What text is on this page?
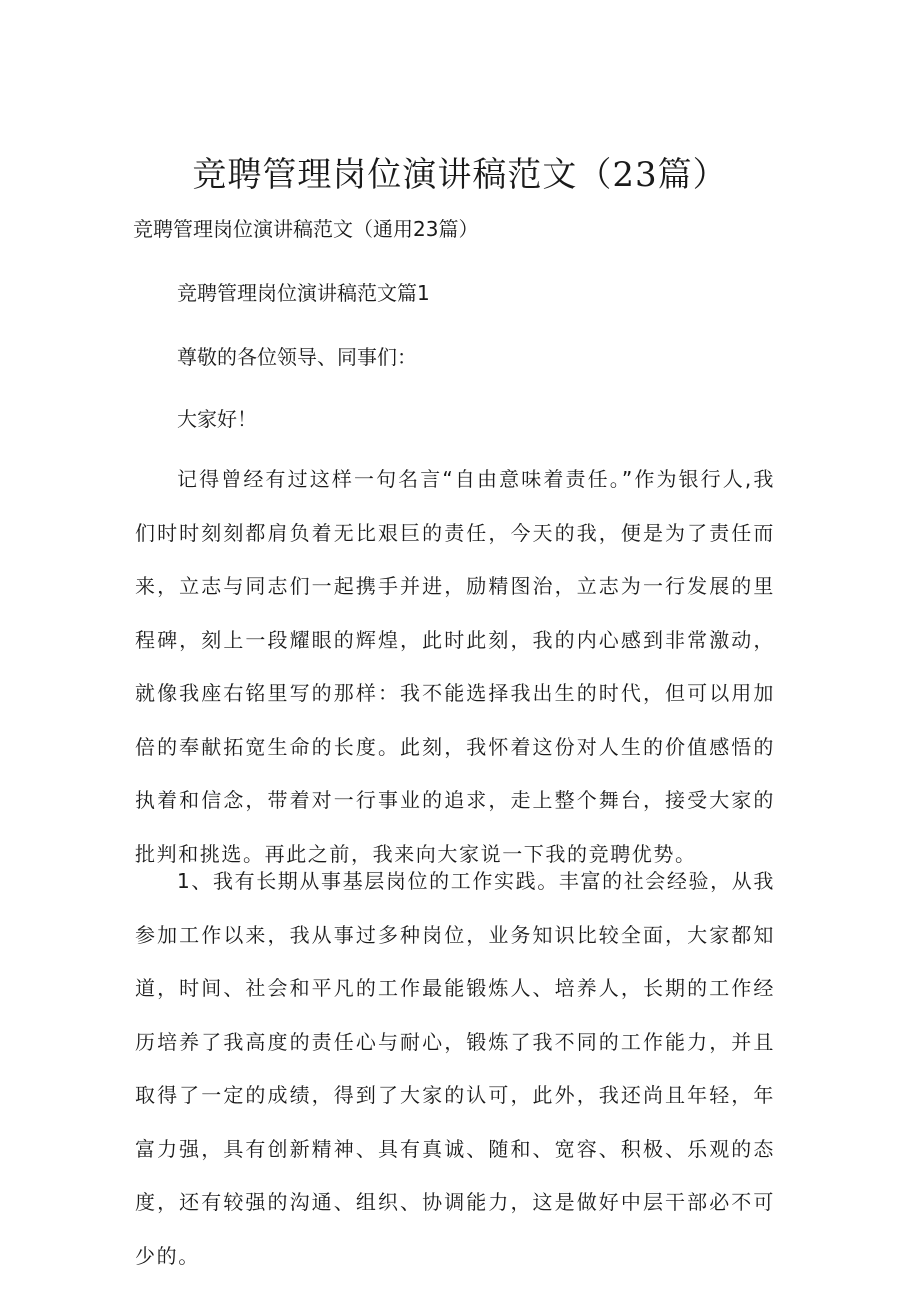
竞聘管理岗位演讲稿范文（23篇）

竞聘管理岗位演讲稿范文（通用23篇）

竞聘管理岗位演讲稿范文篇1

尊敬的各位领导、同事们：

大家好！

记得曾经有过这样一句名言“自由意味着责任。”作为银行人,我们时时刻刻都肩负着无比艰巨的责任，今天的我，便是为了责任而来，立志与同志们一起携手并进，励精图治，立志为一行发展的里程碑，刻上一段耀眼的辉煌，此时此刻，我的内心感到非常激动，就像我座右铭里写的那样：我不能选择我出生的时代，但可以用加倍的奉献拓宽生命的长度。此刻，我怀着这份对人生的价值感悟的执着和信念，带着对一行事业的追求，走上整个舞台，接受大家的批判和挑选。再此之前，我来向大家说一下我的竞聘优势。

1、我有长期从事基层岗位的工作实践。丰富的社会经验，从我参加工作以来，我从事过多种岗位，业务知识比较全面，大家都知道，时间、社会和平凡的工作最能锻炼人、培养人，长期的工作经历培养了我高度的责任心与耐心，锻炼了我不同的工作能力，并且取得了一定的成绩，得到了大家的认可，此外，我还尚且年轻，年富力强，具有创新精神、具有真诚、随和、宽容、积极、乐观的态度，还有较强的沟通、组织、协调能力，这是做好中层干部必不可少的。
